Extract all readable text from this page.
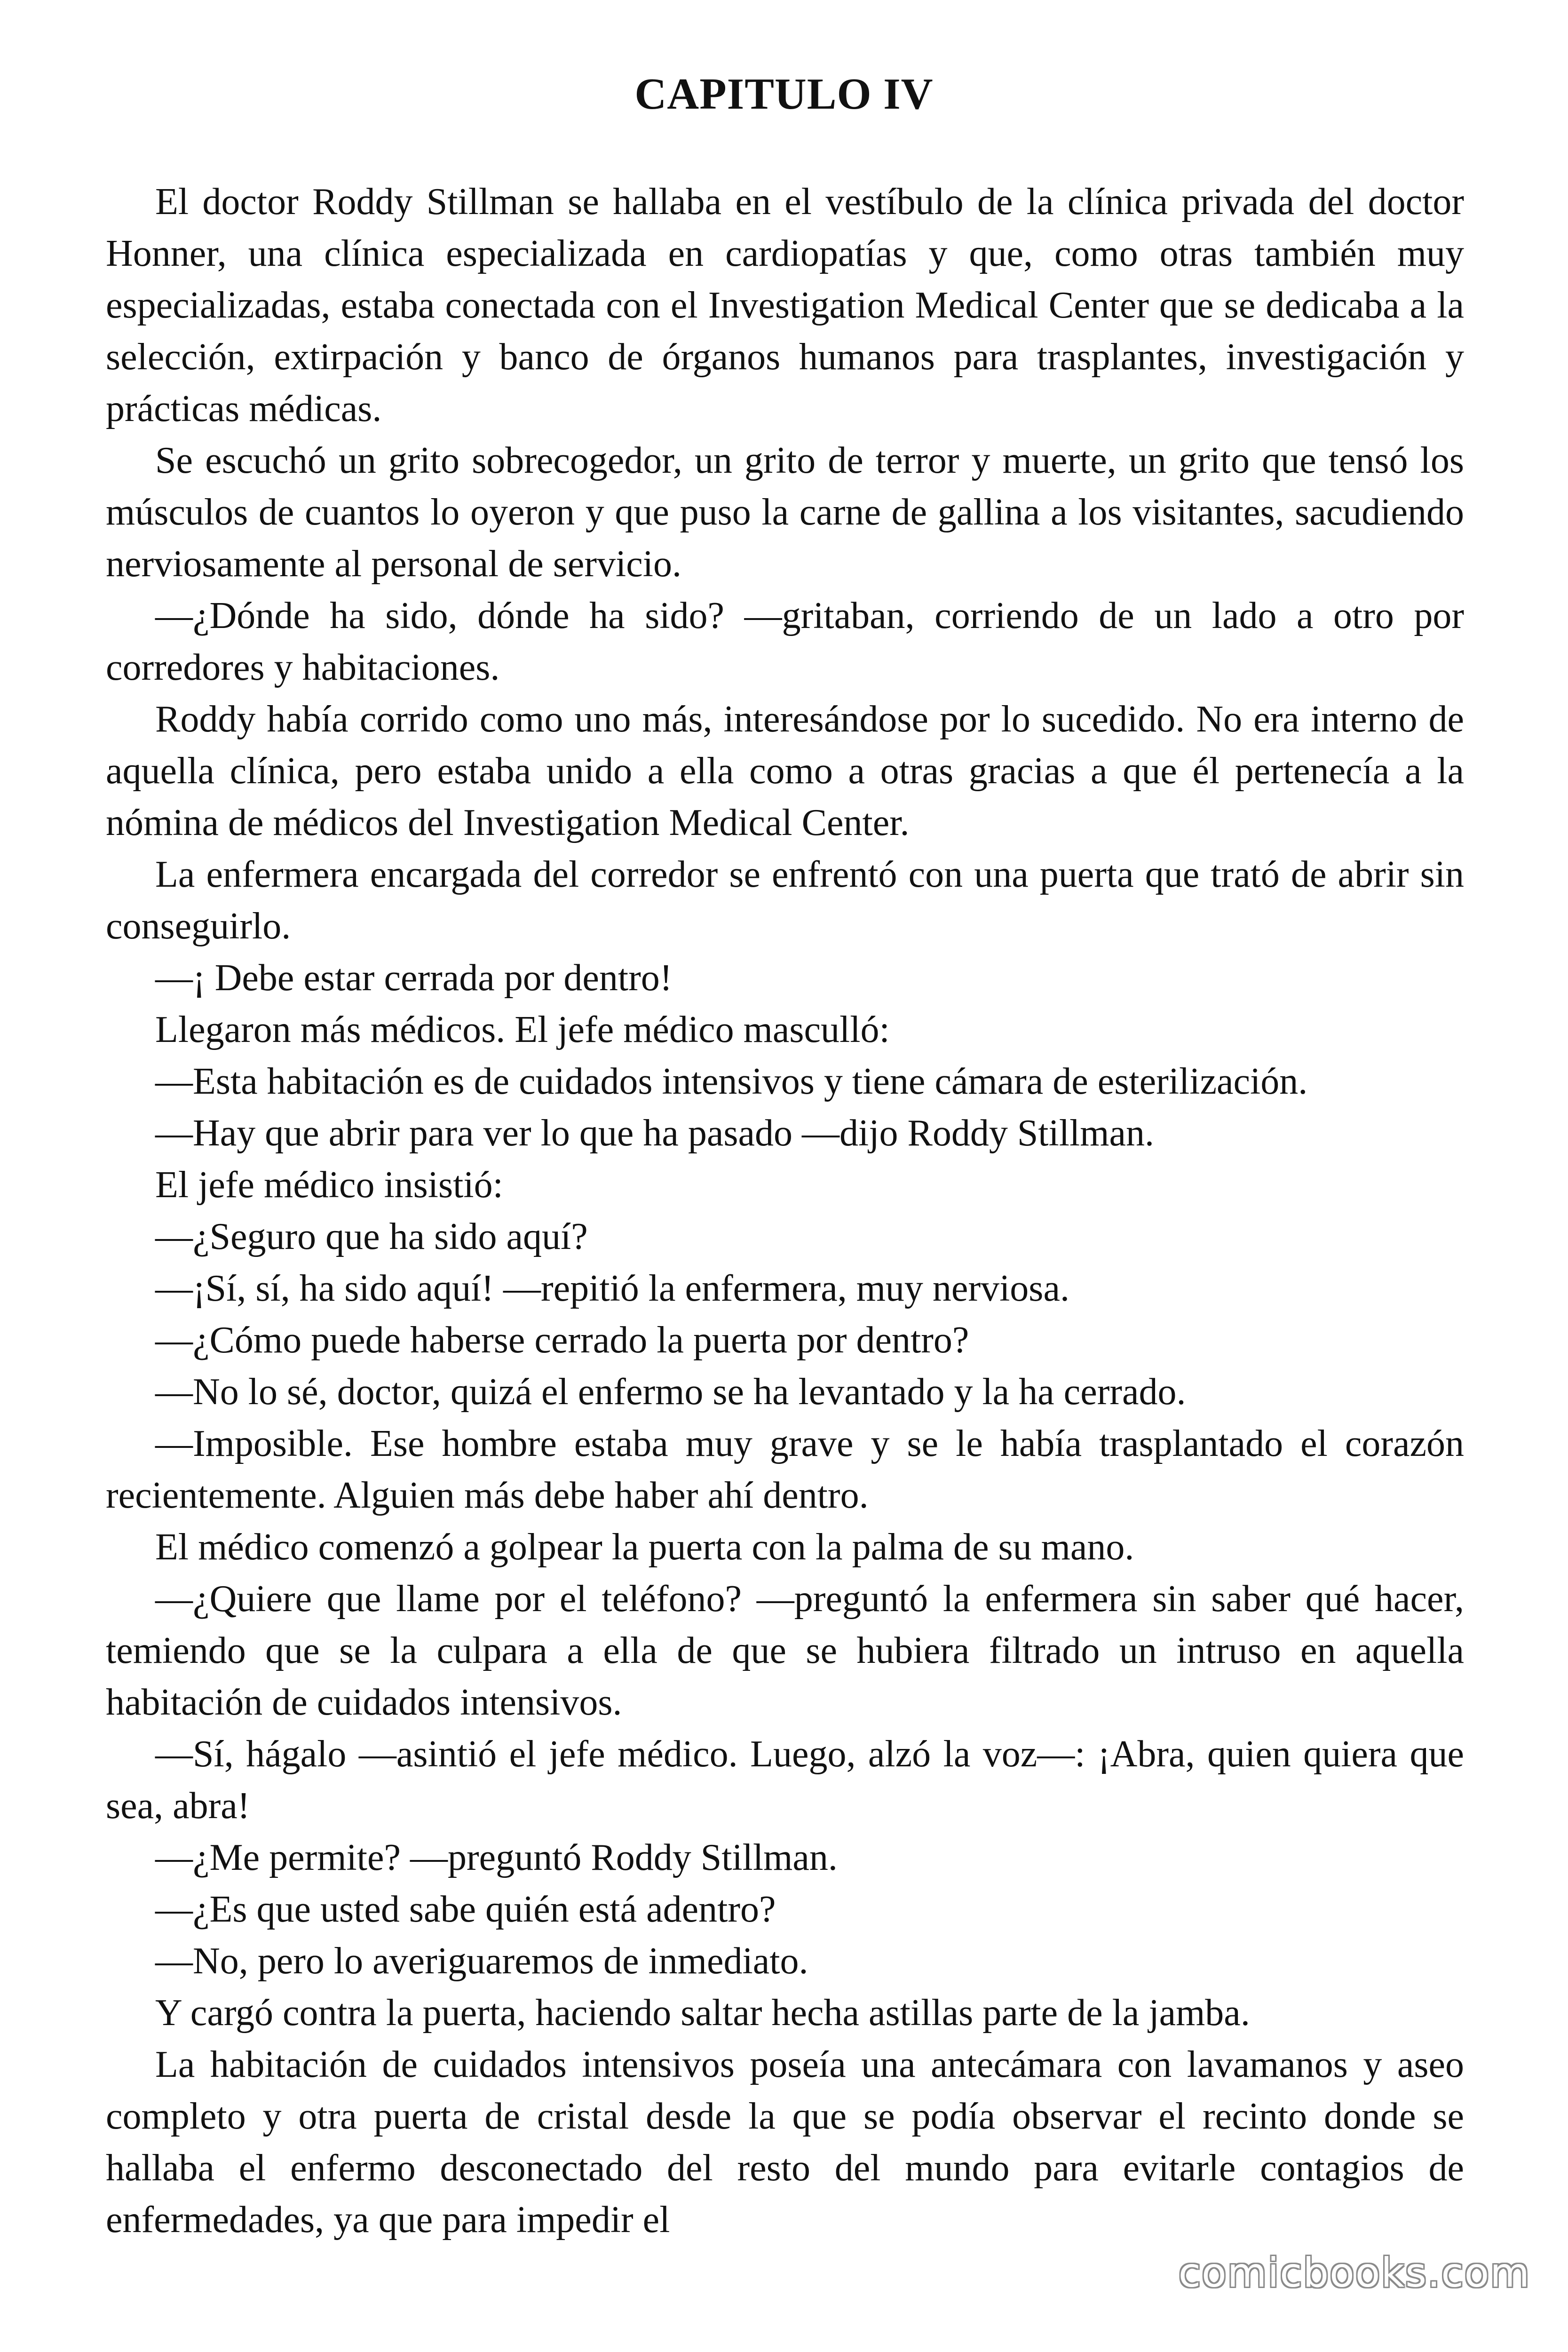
CAPITULO IV

El doctor Roddy Stillman se hallaba en el vestíbulo de la clínica privada del doctor Honner, una clínica especializada en cardiopatías y que, como otras también muy especializadas, estaba conectada con el Investigation Medical Center que se dedicaba a la selección, extirpación y banco de órganos humanos para trasplantes, investigación y prácticas médicas.

Se escuchó un grito sobrecogedor, un grito de terror y muerte, un grito que tensó los músculos de cuantos lo oyeron y que puso la carne de gallina a los visitantes, sacudiendo nerviosamente al personal de servicio.

—¿Dónde ha sido, dónde ha sido? —gritaban, corriendo de un lado a otro por corredores y habitaciones.

Roddy había corrido como uno más, interesándose por lo sucedido. No era interno de aquella clínica, pero estaba unido a ella como a otras gracias a que él pertenecía a la nómina de médicos del Investigation Medical Center.

La enfermera encargada del corredor se enfrentó con una puerta que trató de abrir sin conseguirlo.

—¡ Debe estar cerrada por dentro!

Llegaron más médicos. El jefe médico masculló:

—Esta habitación es de cuidados intensivos y tiene cámara de esterilización.

—Hay que abrir para ver lo que ha pasado —dijo Roddy Stillman.

El jefe médico insistió:

—¿Seguro que ha sido aquí?

—¡Sí, sí, ha sido aquí! —repitió la enfermera, muy nerviosa.

—¿Cómo puede haberse cerrado la puerta por dentro?

—No lo sé, doctor, quizá el enfermo se ha levantado y la ha cerrado.

—Imposible. Ese hombre estaba muy grave y se le había trasplantado el corazón recientemente. Alguien más debe haber ahí dentro.

El médico comenzó a golpear la puerta con la palma de su mano.

—¿Quiere que llame por el teléfono? —preguntó la enfermera sin saber qué hacer, temiendo que se la culpara a ella de que se hubiera filtrado un intruso en aquella habitación de cuidados intensivos.

—Sí, hágalo —asintió el jefe médico. Luego, alzó la voz—: ¡Abra, quien quiera que sea, abra!

—¿Me permite? —preguntó Roddy Stillman.

—¿Es que usted sabe quién está adentro?

—No, pero lo averiguaremos de inmediato.

Y cargó contra la puerta, haciendo saltar hecha astillas parte de la jamba.

La habitación de cuidados intensivos poseía una antecámara con lavamanos y aseo completo y otra puerta de cristal desde la que se podía observar el recinto donde se hallaba el enfermo desconectado del resto del mundo para evitarle contagios de enfermedades, ya que para impedir el

comicbooks.com
